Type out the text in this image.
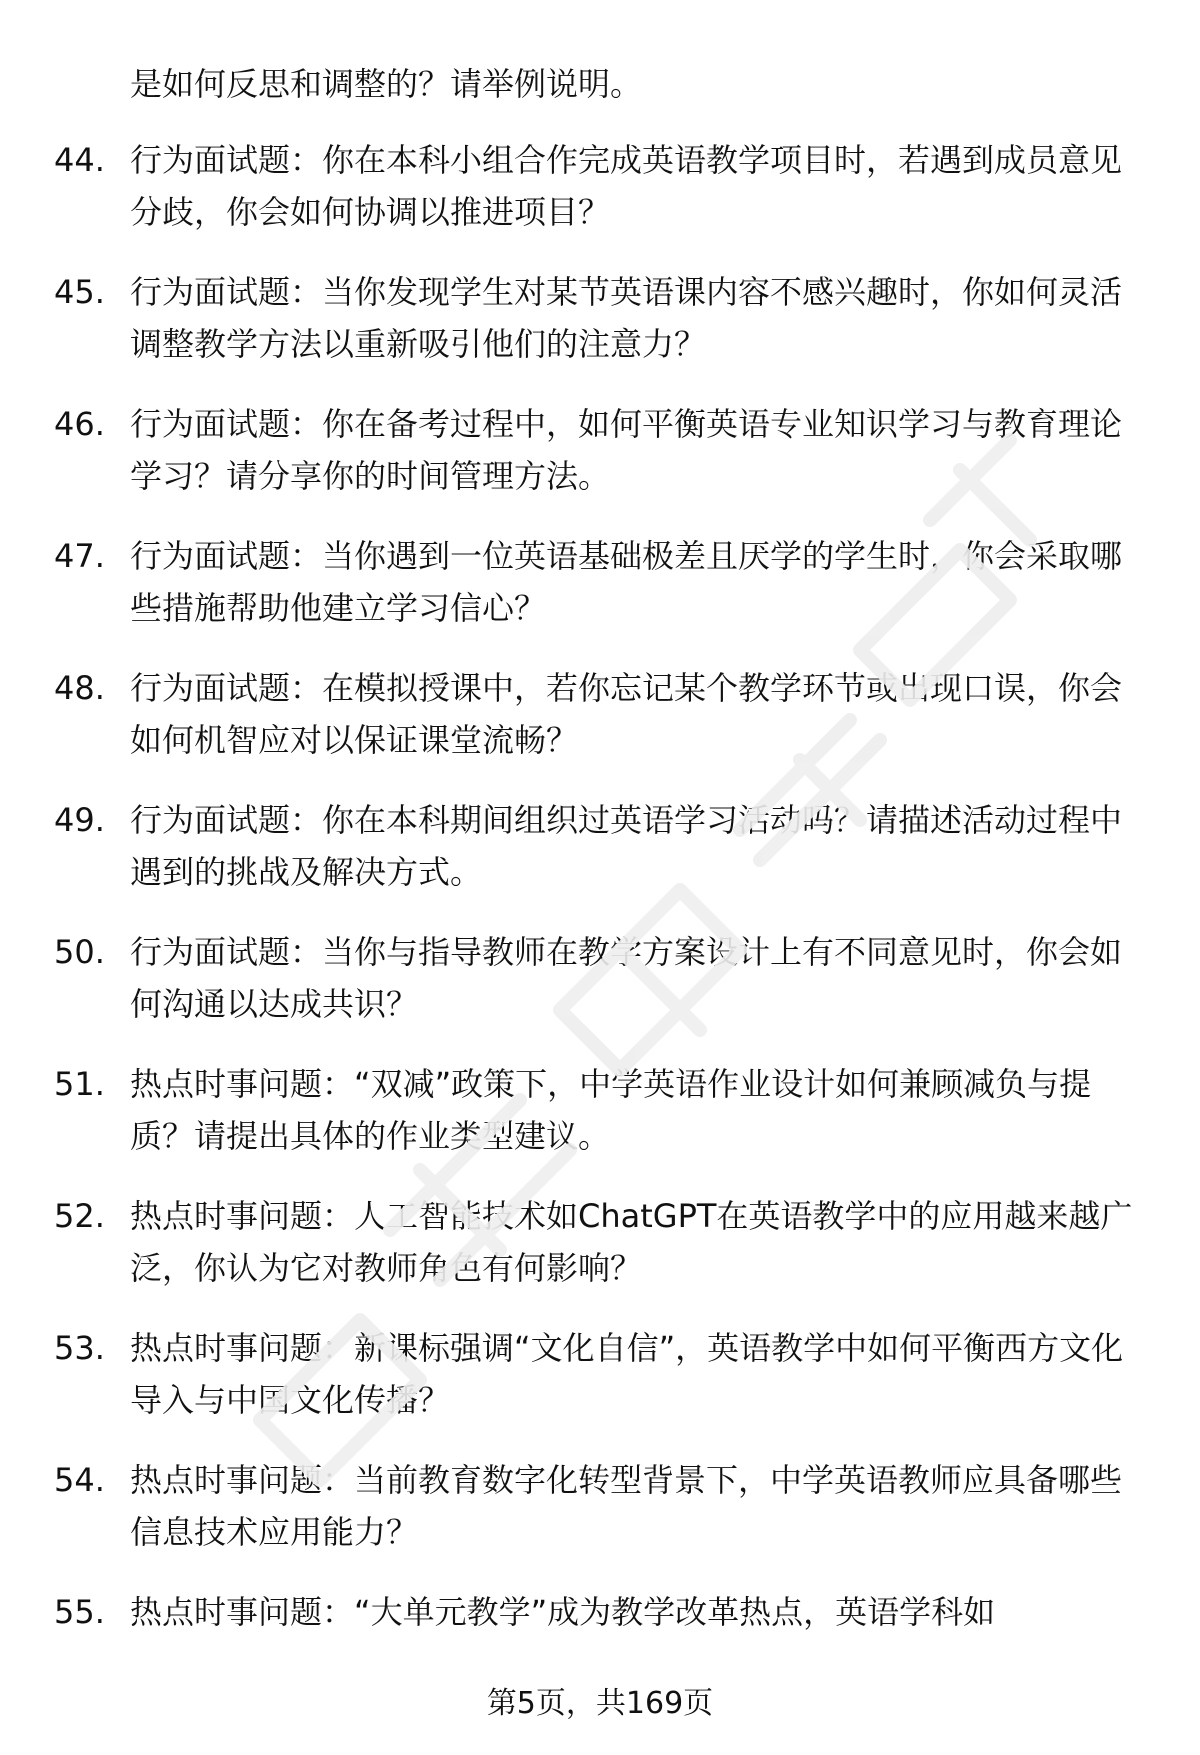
是如何反思和调整的？请举例说明。
44. 行为面试题：你在本科小组合作完成英语教学项目时，若遇到成员意见分歧，你会如何协调以推进项目？
45. 行为面试题：当你发现学生对某节英语课内容不感兴趣时，你如何灵活调整教学方法以重新吸引他们的注意力？
46. 行为面试题：你在备考过程中，如何平衡英语专业知识学习与教育理论学习？请分享你的时间管理方法。
47. 行为面试题：当你遇到一位英语基础极差且厌学的学生时，你会采取哪些措施帮助他建立学习信心？
48. 行为面试题：在模拟授课中，若你忘记某个教学环节或出现口误，你会如何机智应对以保证课堂流畅？
49. 行为面试题：你在本科期间组织过英语学习活动吗？请描述活动过程中遇到的挑战及解决方式。
50. 行为面试题：当你与指导教师在教学方案设计上有不同意见时，你会如何沟通以达成共识？
51. 热点时事问题：“双减”政策下，中学英语作业设计如何兼顾减负与提质？请提出具体的作业类型建议。
52. 热点时事问题：人工智能技术如ChatGPT在英语教学中的应用越来越广泛，你认为它对教师角色有何影响？
53. 热点时事问题：新课标强调“文化自信”，英语教学中如何平衡西方文化导入与中国文化传播？
54. 热点时事问题：当前教育数字化转型背景下，中学英语教师应具备哪些信息技术应用能力？
55. 热点时事问题：“大单元教学”成为教学改革热点，英语学科如
第5页，共169页
